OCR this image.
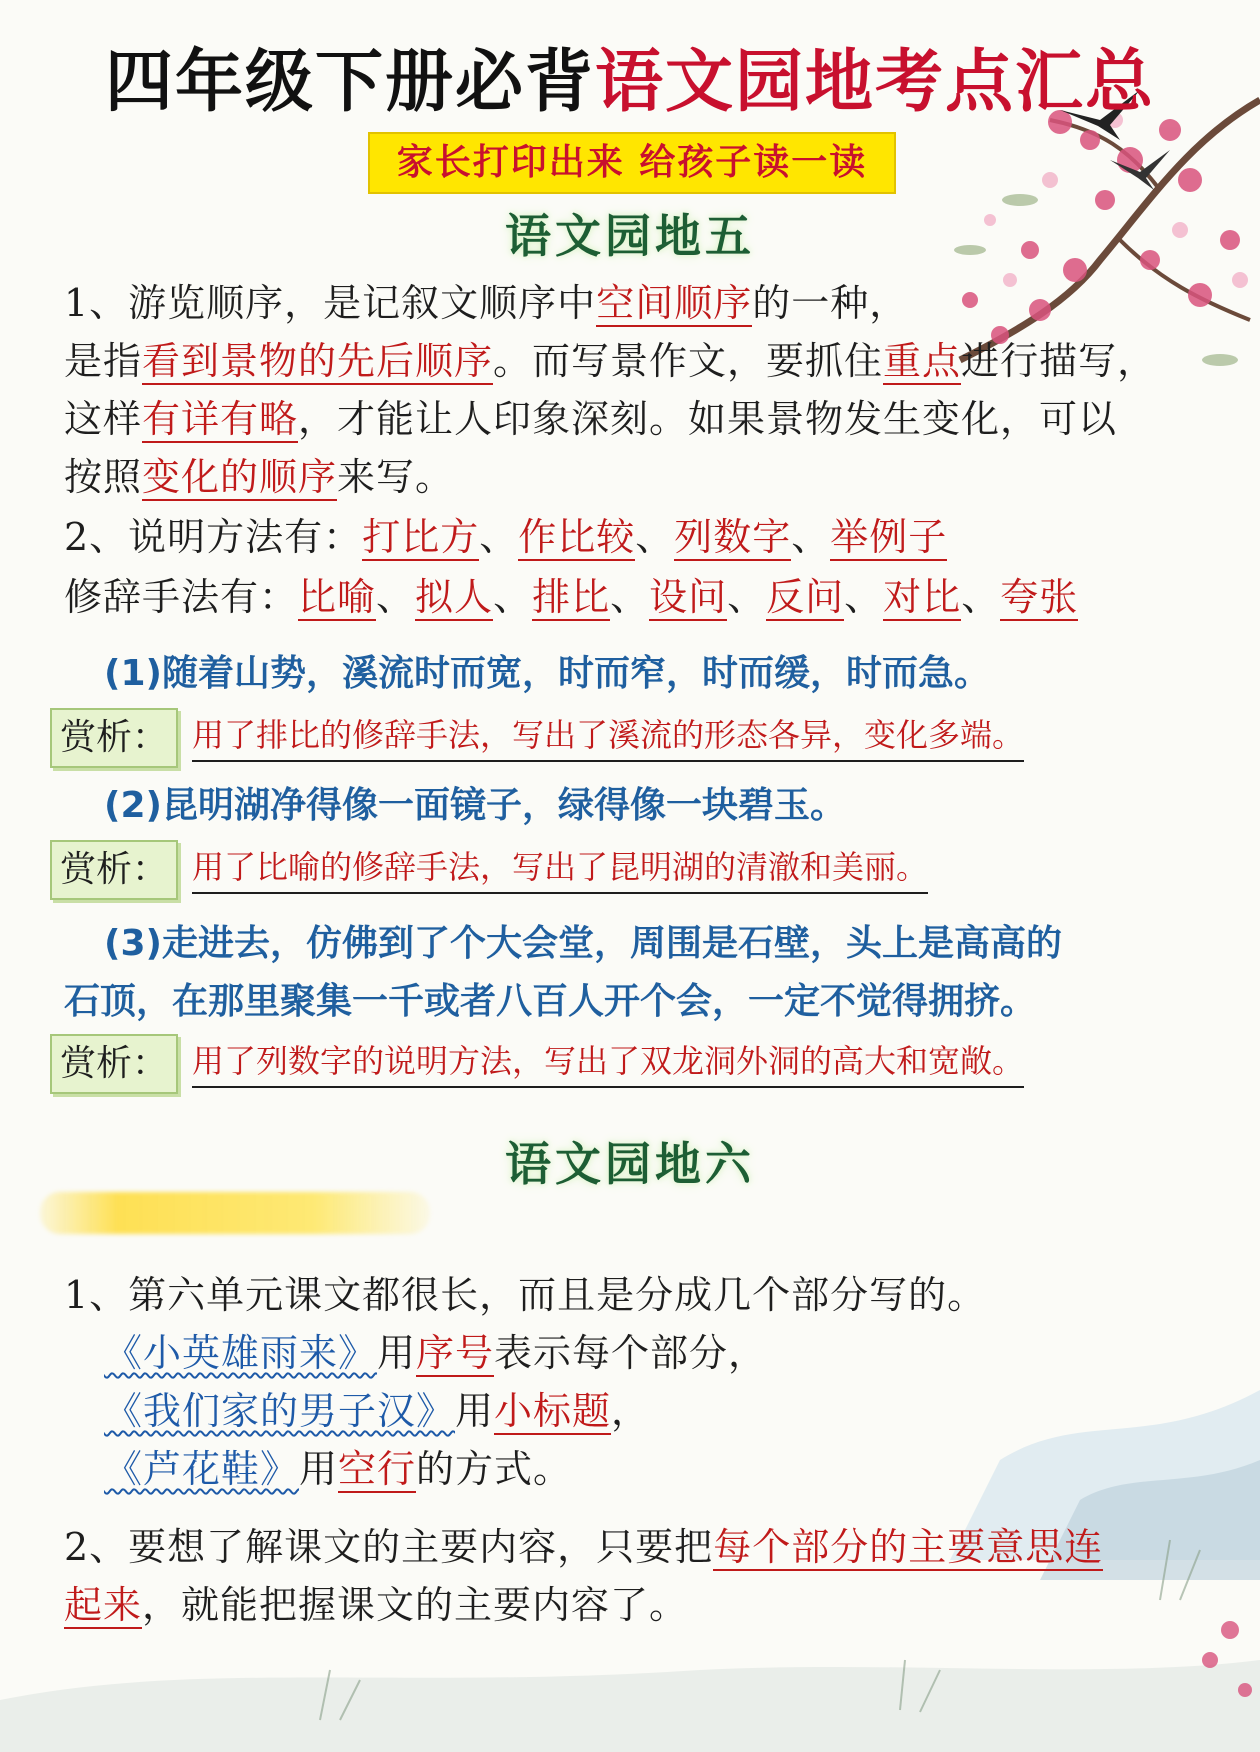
四年级下册必背语文园地考点汇总
家长打印出来 给孩子读一读
语文园地五
1、游览顺序，是记叙文顺序中空间顺序的一种，
是指看到景物的先后顺序。而写景作文，要抓住重点进行描写，
这样有详有略，才能让人印象深刻。如果景物发生变化，可以
按照变化的顺序来写。
2、说明方法有：打比方、作比较、列数字、举例子
修辞手法有：比喻、拟人、排比、设问、反问、对比、夸张
(1)随着山势，溪流时而宽，时而窄，时而缓，时而急。
赏析： 用了排比的修辞手法，写出了溪流的形态各异，变化多端。
(2)昆明湖净得像一面镜子，绿得像一块碧玉。
赏析： 用了比喻的修辞手法，写出了昆明湖的清澈和美丽。
(3)走进去，仿佛到了个大会堂，周围是石壁，头上是高高的
石顶，在那里聚集一千或者八百人开个会，一定不觉得拥挤。
赏析： 用了列数字的说明方法，写出了双龙洞外洞的高大和宽敞。
语文园地六
1、第六单元课文都很长，而且是分成几个部分写的。
《小英雄雨来》用序号表示每个部分，
《我们家的男子汉》用小标题，
《芦花鞋》用空行的方式。
2、要想了解课文的主要内容，只要把每个部分的主要意思连
起来，就能把握课文的主要内容了。
